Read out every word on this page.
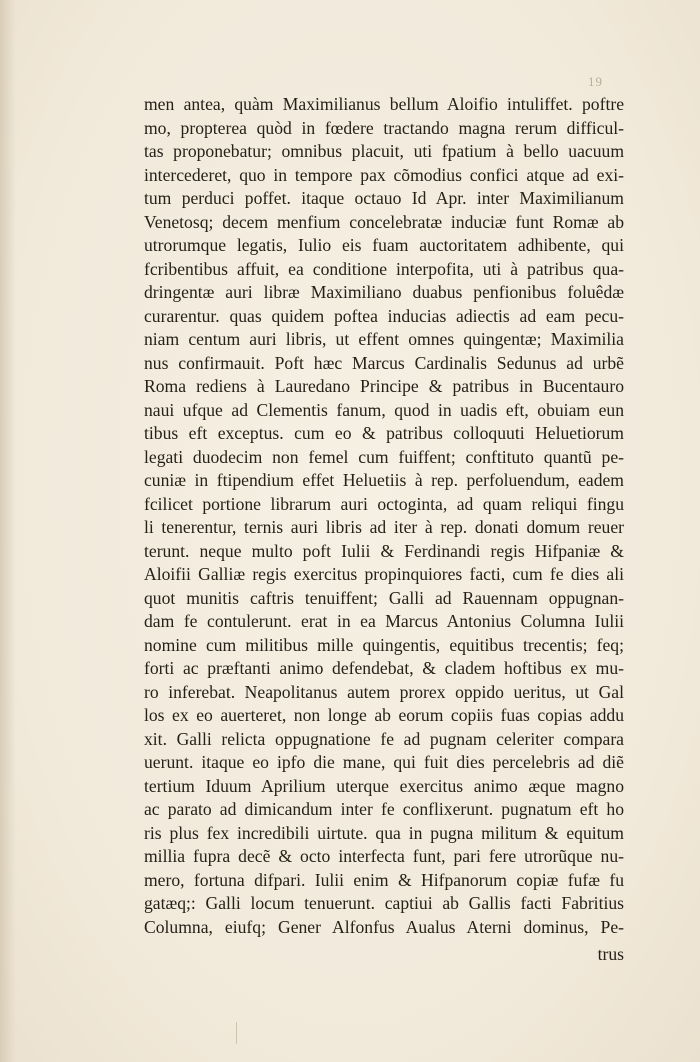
19
men antea, quàm Maximilianus bellum Aloifio intuliffet. poftre
mo, propterea quòd in fœdere tractando magna rerum difficul-
tas proponebatur; omnibus placuit, uti fpatium à bello uacuum
intercederet, quo in tempore pax cõmodius confici atque ad exi-
tum perduci poffet. itaque octauo Id Apr. inter Maximilianum
Venetosq; decem menfium concelebratæ induciæ funt Romæ ab
utrorumque legatis, Iulio eis fuam auctoritatem adhibente, qui
fcribentibus affuit, ea conditione interpofita, uti à patribus qua-
dringentæ auri libræ Maximiliano duabus penfionibus foluêdæ
curarentur. quas quidem poftea inducias adiectis ad eam pecu-
niam centum auri libris, ut effent omnes quingentæ; Maximilia
nus confirmauit. Poft hæc Marcus Cardinalis Sedunus ad urbẽ
Roma rediens à Lauredano Principe & patribus in Bucentauro
naui ufque ad Clementis fanum, quod in uadis eft, obuiam eun
tibus eft exceptus. cum eo & patribus colloquuti Heluetiorum
legati duodecim non femel cum fuiffent; conftituto quantũ pe-
cuniæ in ftipendium effet Heluetiis à rep. perfoluendum, eadem
fcilicet portione librarum auri octoginta, ad quam reliqui fingu
li tenerentur, ternis auri libris ad iter à rep. donati domum reuer
terunt. neque multo poft Iulii & Ferdinandi regis Hifpaniæ &
Aloifii Galliæ regis exercitus propinquiores facti, cum fe dies ali
quot munitis caftris tenuiffent; Galli ad Rauennam oppugnan-
dam fe contulerunt. erat in ea Marcus Antonius Columna Iulii
nomine cum militibus mille quingentis, equitibus trecentis; feq;
forti ac præftanti animo defendebat, & cladem hoftibus ex mu-
ro inferebat. Neapolitanus autem prorex oppido ueritus, ut Gal
los ex eo auerteret, non longe ab eorum copiis fuas copias addu
xit. Galli relicta oppugnatione fe ad pugnam celeriter compara
uerunt. itaque eo ipfo die mane, qui fuit dies percelebris ad diẽ
tertium Iduum Aprilium uterque exercitus animo æque magno
ac parato ad dimicandum inter fe conflixerunt. pugnatum eft ho
ris plus fex incredibili uirtute. qua in pugna militum & equitum
millia fupra decẽ & octo interfecta funt, pari fere utrorũque nu-
mero, fortuna difpari. Iulii enim & Hifpanorum copiæ fufæ fu
gatæq;: Galli locum tenuerunt. captiui ab Gallis facti Fabritius
Columna, eiufq; Gener Alfonfus Aualus Aterni dominus, Pe-
trus
